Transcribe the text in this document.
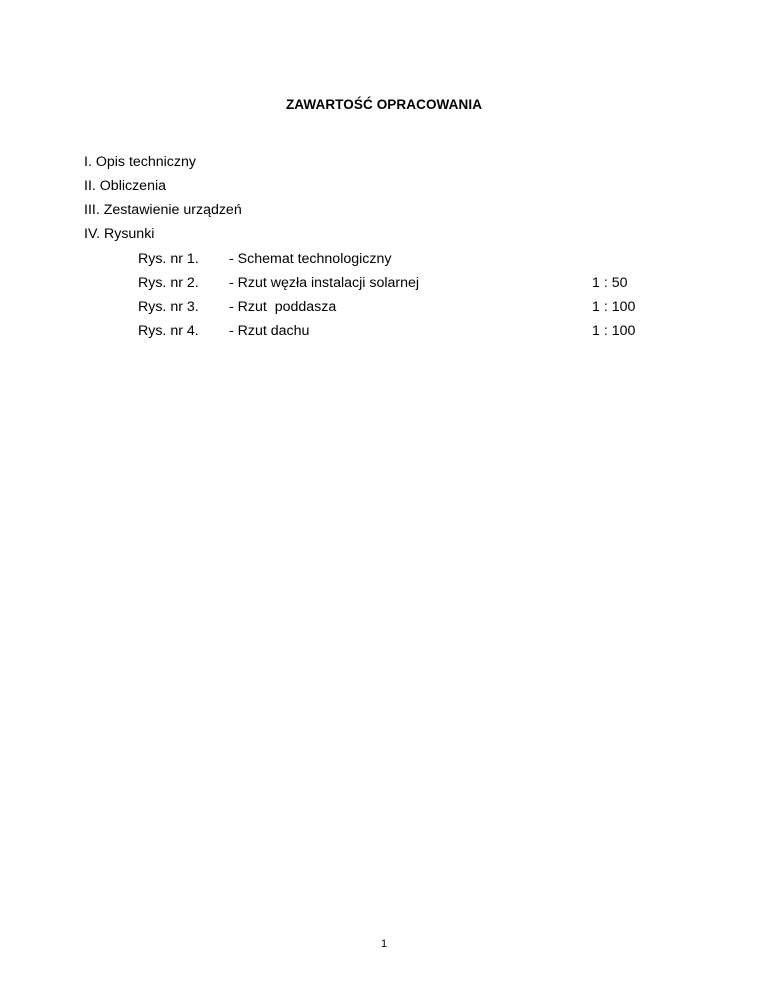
ZAWARTOŚĆ OPRACOWANIA
I. Opis techniczny
II. Obliczenia
III. Zestawienie urządzeń
IV. Rysunki
Rys. nr 1.	- Schemat technologiczny	
Rys. nr 2.	- Rzut węzła instalacji solarnej	1 : 50
Rys. nr 3.	- Rzut  poddasza	1 : 100
Rys. nr 4.	- Rzut dachu	1 : 100
1
